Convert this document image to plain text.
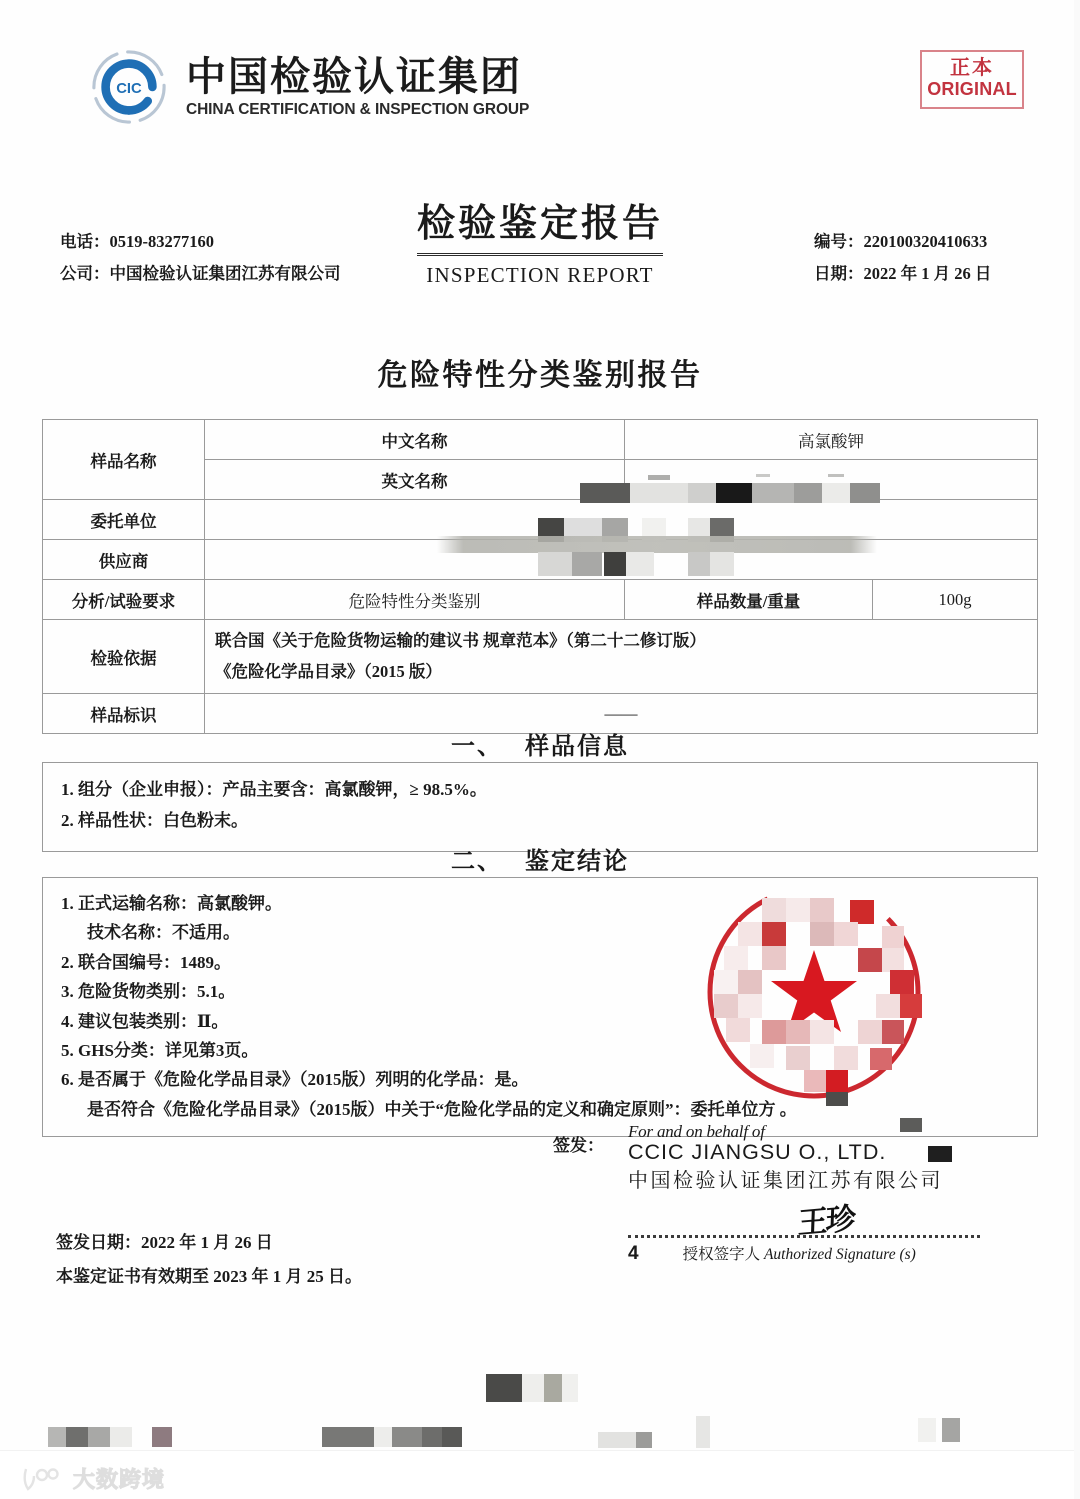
CIC 中国检验认证集团
CHINA CERTIFICATION & INSPECTION GROUP
正本
ORIGINAL
检验鉴定报告
INSPECTION REPORT
电话：0519-83277160
公司：中国检验认证集团江苏有限公司
编号：220100320410633
日期：2022 年 1 月 26 日
危险特性分类鉴别报告
样品名称	中文名称	高氯酸钾	
	英文名称		
委托单位			
供应商			
分析/试验要求	危险特性分类鉴别	样品数量/重量	100g
检验依据	联合国《关于危险货物运输的建议书 规章范本》（第二十二修订版）
《危险化学品目录》（2015 版）		

样品标识	——		
一、 样品信息
1. 组分（企业申报）：产品主要含：高氯酸钾，≥ 98.5%。
2. 样品性状：白色粉末。
二、 鉴定结论
1. 正式运输名称：高氯酸钾。
技术名称：不适用。
2. 联合国编号：1489。
3. 危险货物类别：5.1。
4. 建议包装类别：Ⅱ。
5. GHS分类：详见第3页。
6. 是否属于《危险化学品目录》（2015版）列明的化学品：是。
是否符合《危险化学品目录》（2015版）中关于“危险化学品的定义和确定原则”：委托单位方 。
签发：
For and on behalf of
CCIC JIANGSU O., LTD.
中国检验认证集团江苏有限公司
王珍
4	授权签字人 Authorized Signature (s)
签发日期：2022 年 1 月 26 日
本鉴定证书有效期至 2023 年 1 月 25 日。
大数跨境
